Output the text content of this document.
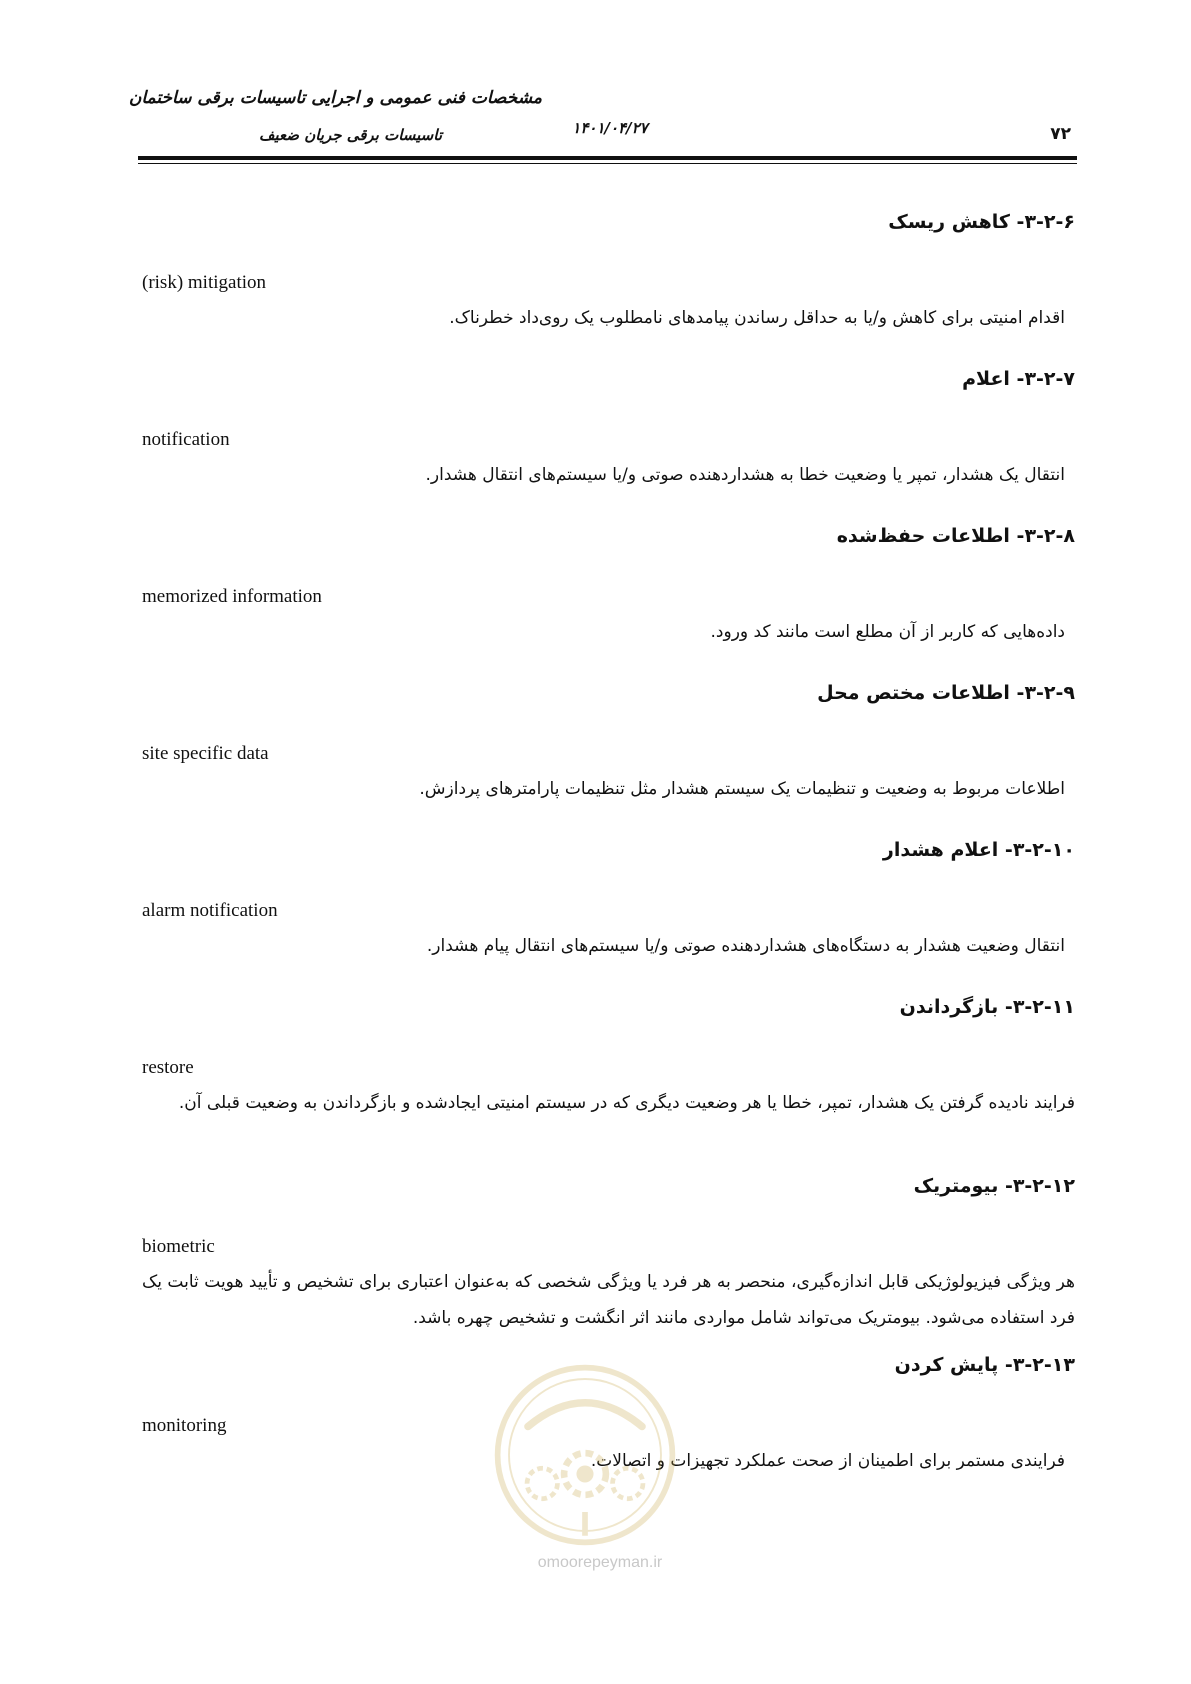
مشخصات فنی عمومی و اجرایی تاسیسات برقی ساختمان
تاسیسات برقی جریان ضعیف	۱۴۰۱/۰۴/۲۷	۷۲
۳-۲-۶- کاهش ریسک
(risk) mitigation
اقدام امنیتی برای کاهش و/یا به حداقل رساندن پیامدهای نامطلوب یک روی‌داد خطرناک.
۳-۲-۷- اعلام
notification
انتقال یک هشدار، تمپر یا وضعیت خطا به هشداردهنده صوتی و/یا سیستم‌های انتقال هشدار.
۳-۲-۸- اطلاعات حفظ‌شده
memorized information
داده‌هایی که کاربر از آن مطلع است مانند کد ورود.
۳-۲-۹- اطلاعات مختص محل
site specific data
اطلاعات مربوط به وضعیت و تنظیمات یک سیستم هشدار مثل تنظیمات پارامترهای پردازش.
۳-۲-۱۰- اعلام هشدار
alarm notification
انتقال وضعیت هشدار به دستگاه‌های هشداردهنده صوتی و/یا سیستم‌های انتقال پیام هشدار.
۳-۲-۱۱- بازگرداندن
restore
فرایند نادیده گرفتن یک هشدار، تمپر، خطا یا هر وضعیت دیگری که در سیستم امنیتی ایجادشده و بازگرداندن به وضعیت قبلی آن.
۳-۲-۱۲- بیومتریک
biometric
هر ویژگی فیزیولوژیکی قابل اندازه‌گیری، منحصر به هر فرد یا ویژگی شخصی که به‌عنوان اعتباری برای تشخیص و تأیید هویت ثابت یک فرد استفاده می‌شود. بیومتریک می‌تواند شامل مواردی مانند اثر انگشت و تشخیص چهره باشد.
۳-۲-۱۳- پایش کردن
monitoring
فرایندی مستمر برای اطمینان از صحت عملکرد تجهیزات و اتصالات.
omoorepeyman.ir
